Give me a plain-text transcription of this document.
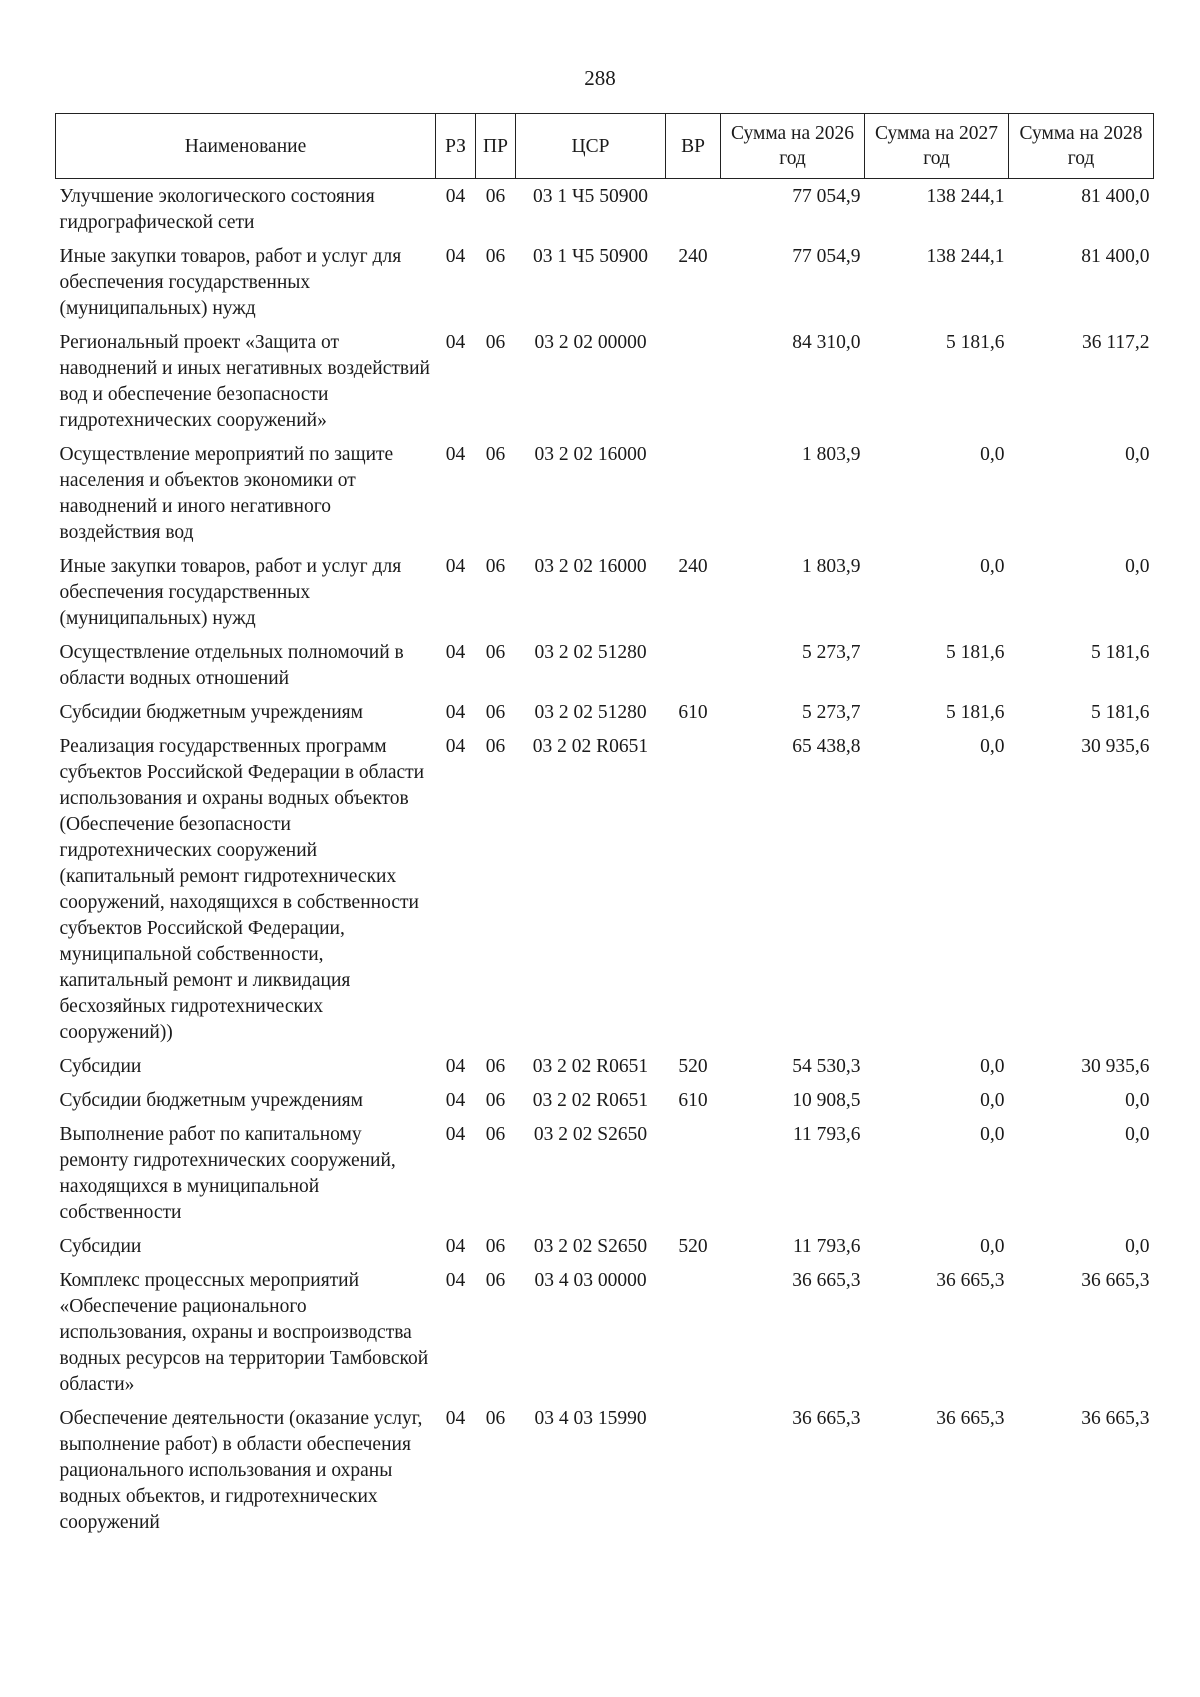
288
Наименование	РЗ	ПР	ЦСР	ВР	Сумма на 2026 год	Сумма на 2027 год	Сумма на 2028 год
Улучшение экологического состояния гидрографической сети	04	06	03 1 Ч5 50900		77 054,9	138 244,1	81 400,0
Иные закупки товаров, работ и услуг для обеспечения государственных (муниципальных) нужд	04	06	03 1 Ч5 50900	240	77 054,9	138 244,1	81 400,0
Региональный проект «Защита от наводнений и иных негативных воздействий вод и обеспечение безопасности гидротехнических сооружений»	04	06	03 2 02 00000		84 310,0	5 181,6	36 117,2
Осуществление мероприятий по защите населения и объектов экономики от наводнений и иного негативного воздействия вод	04	06	03 2 02 16000		1 803,9	0,0	0,0
Иные закупки товаров, работ и услуг для обеспечения государственных (муниципальных) нужд	04	06	03 2 02 16000	240	1 803,9	0,0	0,0
Осуществление отдельных полномочий в области водных отношений	04	06	03 2 02 51280		5 273,7	5 181,6	5 181,6
Субсидии бюджетным учреждениям	04	06	03 2 02 51280	610	5 273,7	5 181,6	5 181,6
Реализация государственных программ субъектов Российской Федерации в области использования и охраны водных объектов (Обеспечение безопасности гидротехнических сооружений (капитальный ремонт гидротехнических сооружений, находящихся в собственности субъектов Российской Федерации, муниципальной собственности, капитальный ремонт и ликвидация бесхозяйных гидротехнических сооружений))	04	06	03 2 02 R0651		65 438,8	0,0	30 935,6
Субсидии	04	06	03 2 02 R0651	520	54 530,3	0,0	30 935,6
Субсидии бюджетным учреждениям	04	06	03 2 02 R0651	610	10 908,5	0,0	0,0
Выполнение работ по капитальному ремонту гидротехнических сооружений, находящихся в муниципальной собственности	04	06	03 2 02 S2650		11 793,6	0,0	0,0
Субсидии	04	06	03 2 02 S2650	520	11 793,6	0,0	0,0
Комплекс процессных мероприятий «Обеспечение рационального использования, охраны и воспроизводства водных ресурсов на территории Тамбовской области»	04	06	03 4 03 00000		36 665,3	36 665,3	36 665,3
Обеспечение деятельности (оказание услуг, выполнение работ) в области обеспечения рационального использования и охраны водных объектов, и гидротехнических сооружений	04	06	03 4 03 15990		36 665,3	36 665,3	36 665,3
